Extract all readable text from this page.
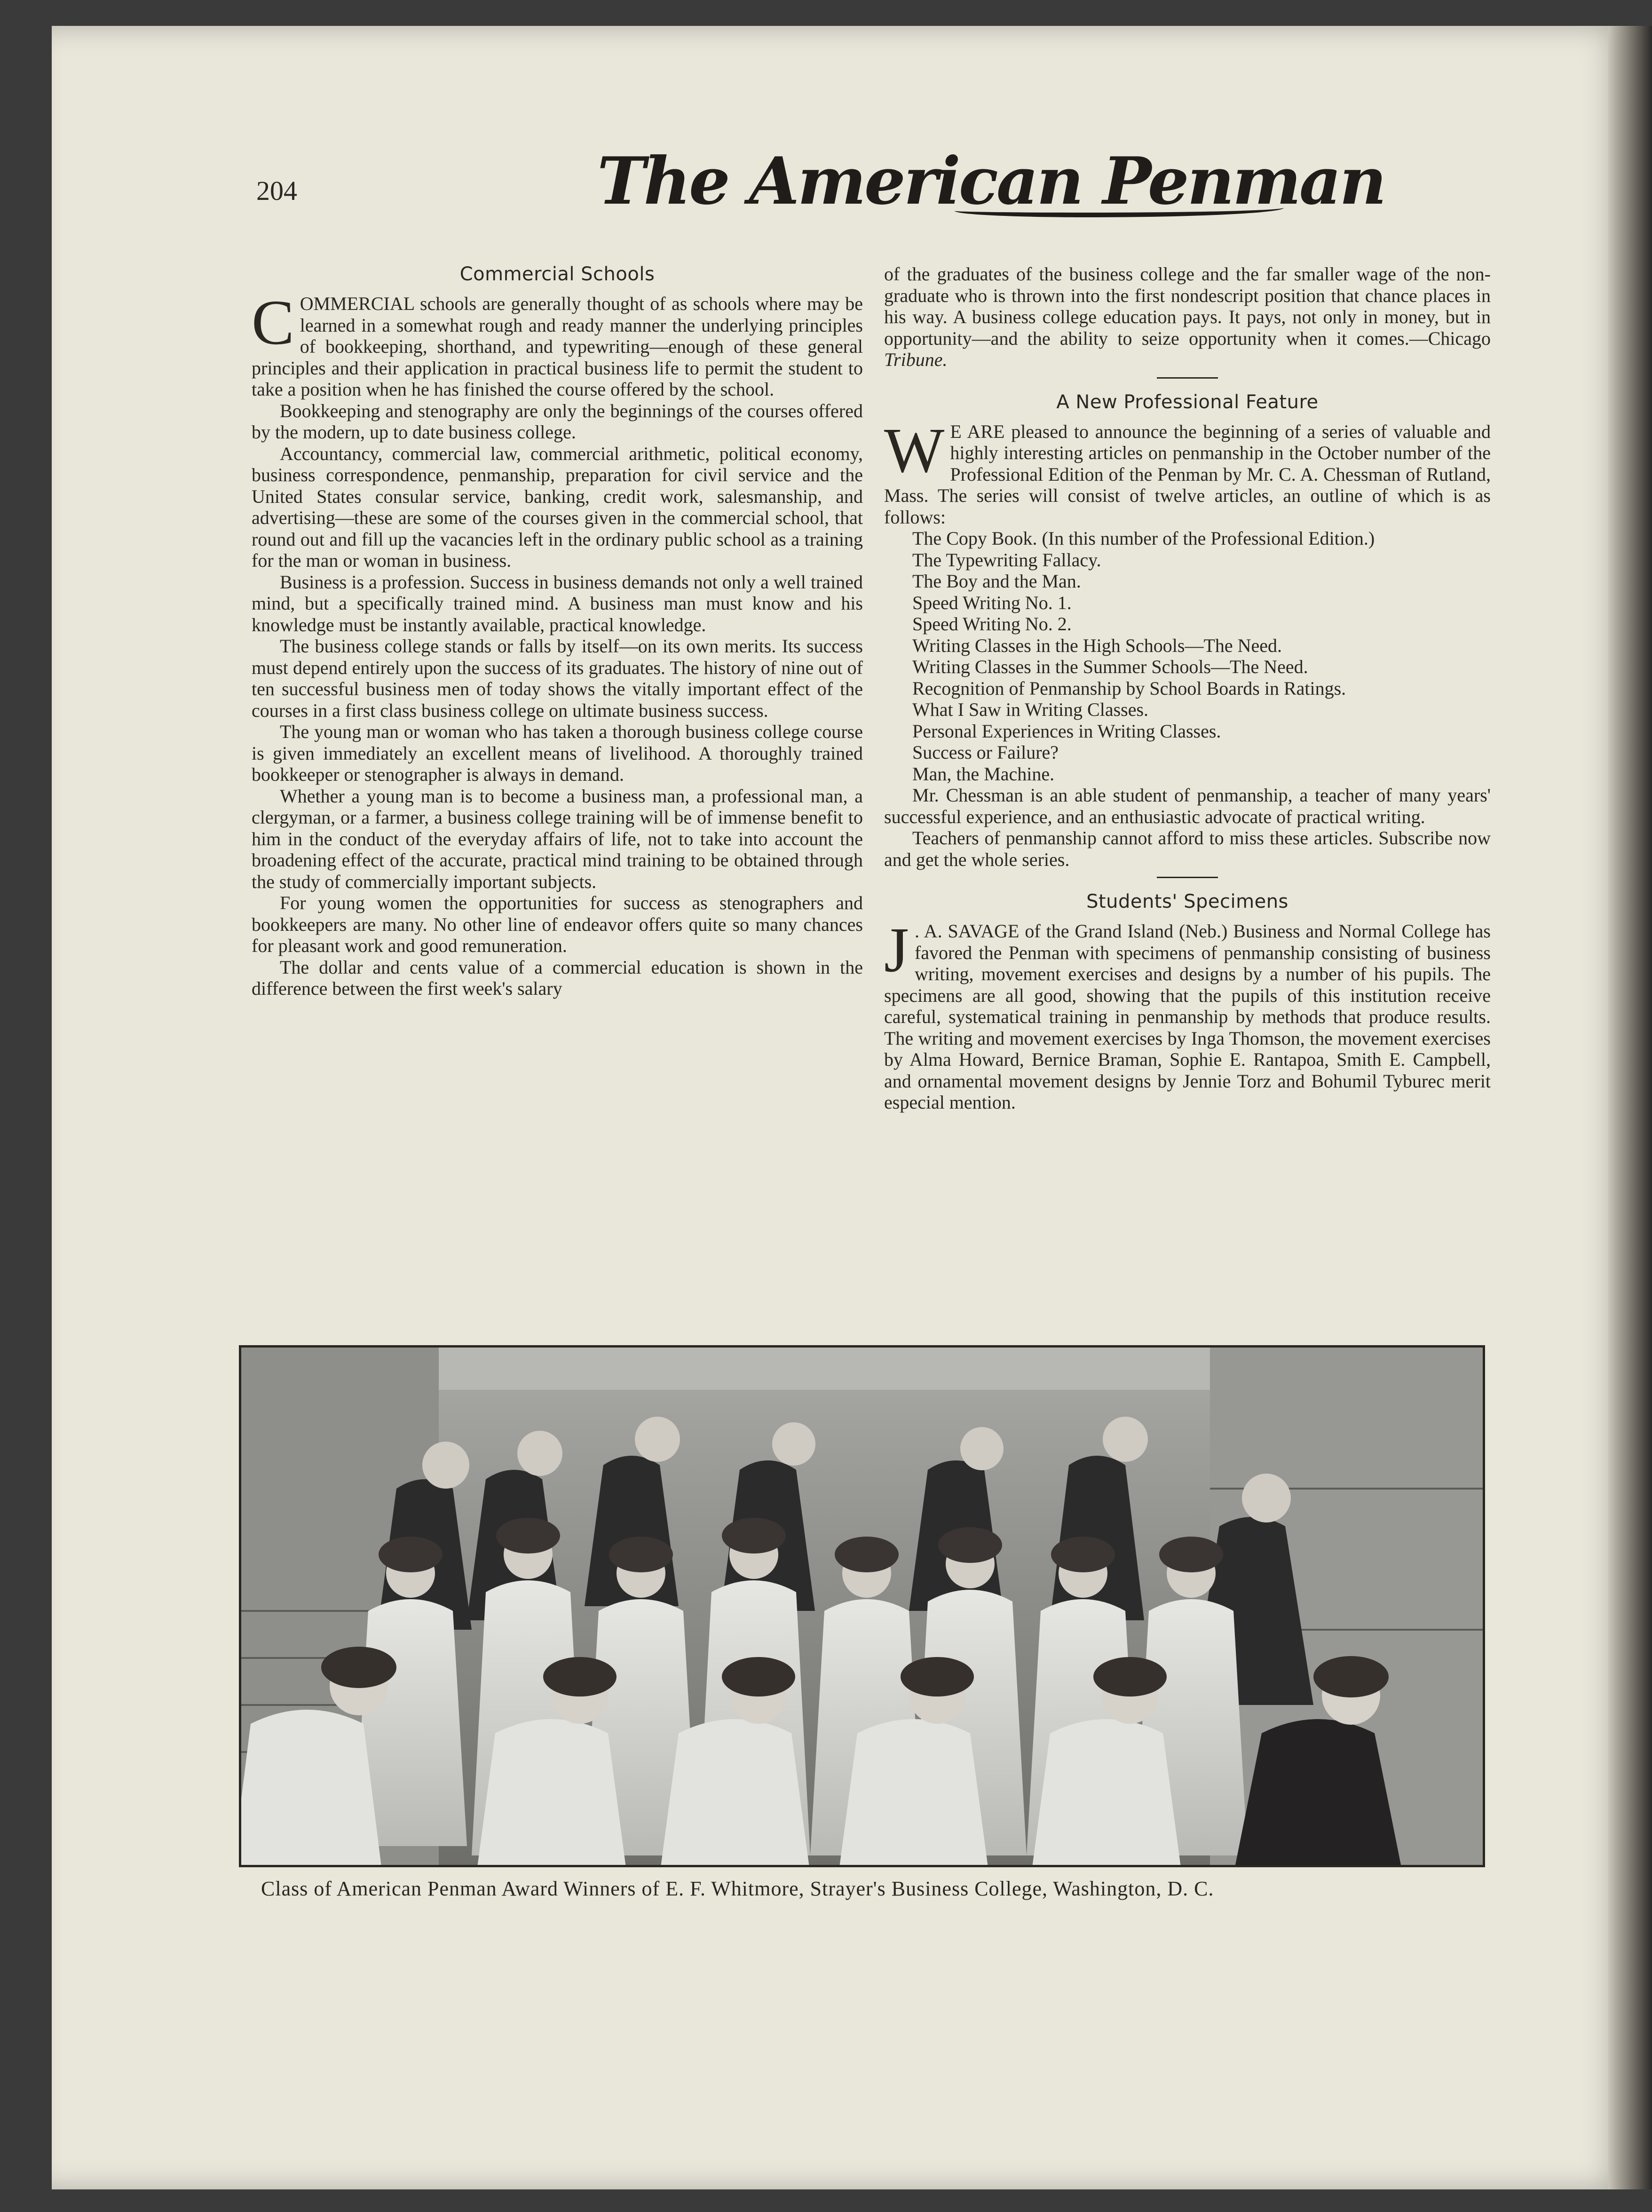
204	The American Penman
Commercial Schools

COMMERCIAL schools are generally thought of as schools where may be learned in a somewhat rough and ready manner the underlying principles of bookkeeping, shorthand, and typewriting—enough of these general principles and their application in practical business life to permit the student to take a position when he has finished the course offered by the school.

Bookkeeping and stenography are only the beginnings of the courses offered by the modern, up to date business college.

Accountancy, commercial law, commercial arithmetic, political economy, business correspondence, penmanship, preparation for civil service and the United States consular service, banking, credit work, salesmanship, and advertising—these are some of the courses given in the commercial school, that round out and fill up the vacancies left in the ordinary public school as a training for the man or woman in business.

Business is a profession. Success in business demands not only a well trained mind, but a specifically trained mind. A business man must know and his knowledge must be instantly available, practical knowledge.

The business college stands or falls by itself—on its own merits. Its success must depend entirely upon the success of its graduates. The history of nine out of ten successful business men of today shows the vitally important effect of the courses in a first class business college on ultimate business success.

The young man or woman who has taken a thorough business college course is given immediately an excellent means of livelihood. A thoroughly trained bookkeeper or stenographer is always in demand.

Whether a young man is to become a business man, a professional man, a clergyman, or a farmer, a business college training will be of immense benefit to him in the conduct of the everyday affairs of life, not to take into account the broadening effect of the accurate, practical mind training to be obtained through the study of commercially important subjects.

For young women the opportunities for success as stenographers and bookkeepers are many. No other line of endeavor offers quite so many chances for pleasant work and good remuneration.

The dollar and cents value of a commercial education is shown in the difference between the first week's salary

of the graduates of the business college and the far smaller wage of the non-graduate who is thrown into the first nondescript position that chance places in his way. A business college education pays. It pays, not only in money, but in opportunity—and the ability to seize opportunity when it comes.—Chicago Tribune.

A New Professional Feature

W E ARE pleased to announce the beginning of a series of valuable and highly interesting articles on penmanship in the October number of the Professional Edition of the Penman by Mr. C. A. Chessman of Rutland, Mass. The series will consist of twelve articles, an outline of which is as follows:

The Copy Book. (In this number of the Professional Edition.)

The Typewriting Fallacy.

The Boy and the Man.

Speed Writing No. 1.

Speed Writing No. 2.

Writing Classes in the High Schools—The Need.

Writing Classes in the Summer Schools—The Need.

Recognition of Penmanship by School Boards in Ratings.

What I Saw in Writing Classes.

Personal Experiences in Writing Classes.

Success or Failure?

Man, the Machine.

Mr. Chessman is an able student of penmanship, a teacher of many years' successful experience, and an enthusiastic advocate of practical writing.

Teachers of penmanship cannot afford to miss these articles. Subscribe now and get the whole series.

Students' Specimens

J . A. SAVAGE of the Grand Island (Neb.) Business and Normal College has favored the Penman with specimens of penmanship consisting of business writing, movement exercises and designs by a number of his pupils. The specimens are all good, showing that the pupils of this institution receive careful, systematical training in penmanship by methods that produce results. The writing and movement exercises by Inga Thomson, the movement exercises by Alma Howard, Bernice Braman, Sophie E. Rantapoa, Smith E. Campbell, and ornamental movement designs by Jennie Torz and Bohumil Tyburec merit especial mention.

Class of American Penman Award Winners of E. F. Whitmore, Strayer's Business College, Washington, D. C.
